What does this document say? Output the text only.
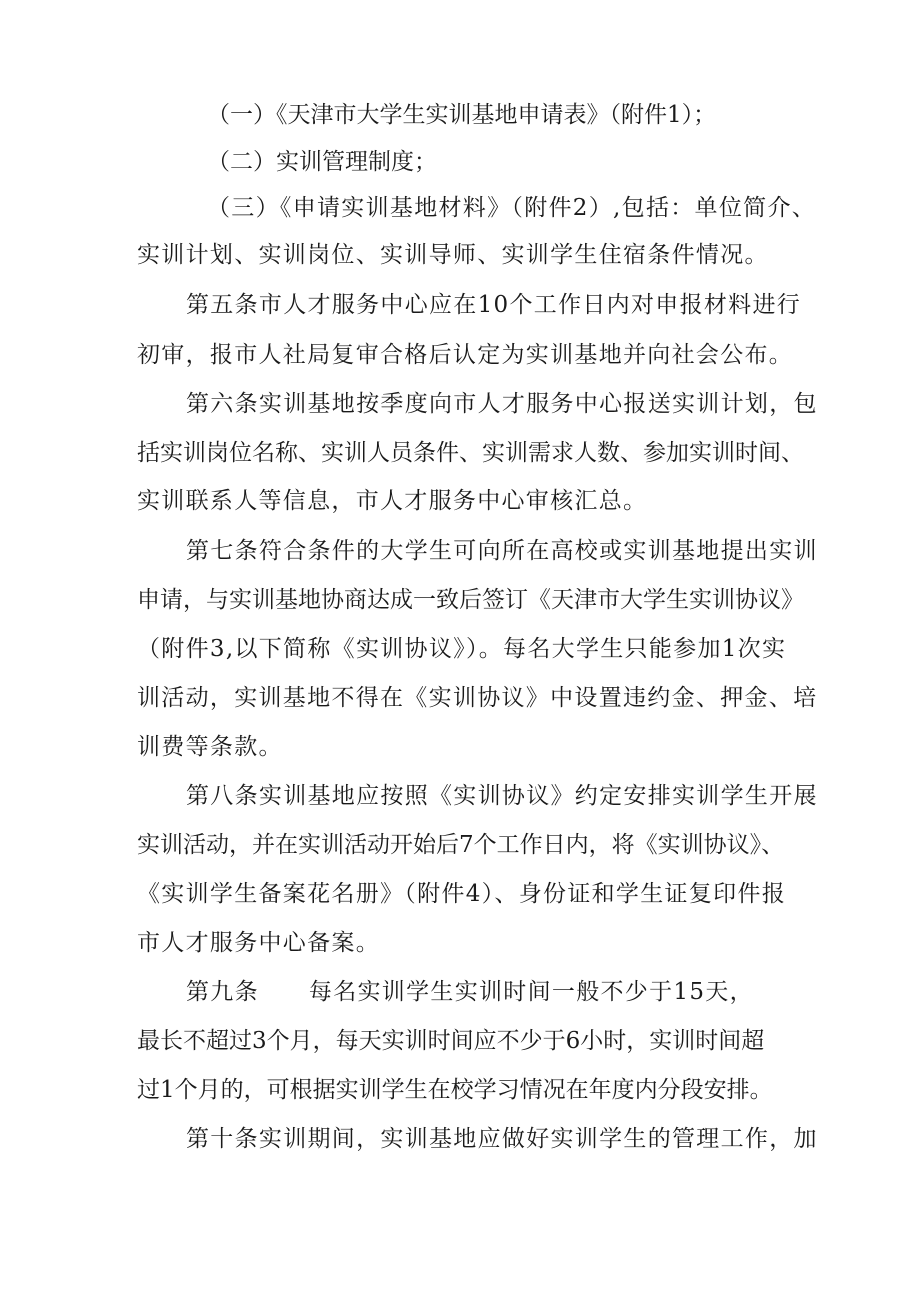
（一）《天津市大学生实训基地申请表》（附件1）；
（二）实训管理制度；
（三）《申请实训基地材料》（附件2）,包括：单位简介、
实训计划、实训岗位、实训导师、实训学生住宿条件情况。
第五条市人才服务中心应在10个工作日内对申报材料进行
初审，报市人社局复审合格后认定为实训基地并向社会公布。
第六条实训基地按季度向市人才服务中心报送实训计划，包
括实训岗位名称、实训人员条件、实训需求人数、参加实训时间、
实训联系人等信息，市人才服务中心审核汇总。
第七条符合条件的大学生可向所在高校或实训基地提出实训
申请，与实训基地协商达成一致后签订《天津市大学生实训协议》
（附件3,以下简称《实训协议》）。每名大学生只能参加1次实
训活动，实训基地不得在《实训协议》中设置违约金、押金、培
训费等条款。
第八条实训基地应按照《实训协议》约定安排实训学生开展
实训活动，并在实训活动开始后7个工作日内，将《实训协议》、
《实训学生备案花名册》（附件4）、身份证和学生证复印件报
市人才服务中心备案。
第九条 每名实训学生实训时间一般不少于15天，
最长不超过3个月，每天实训时间应不少于6小时，实训时间超
过1个月的，可根据实训学生在校学习情况在年度内分段安排。
第十条实训期间，实训基地应做好实训学生的管理工作，加
